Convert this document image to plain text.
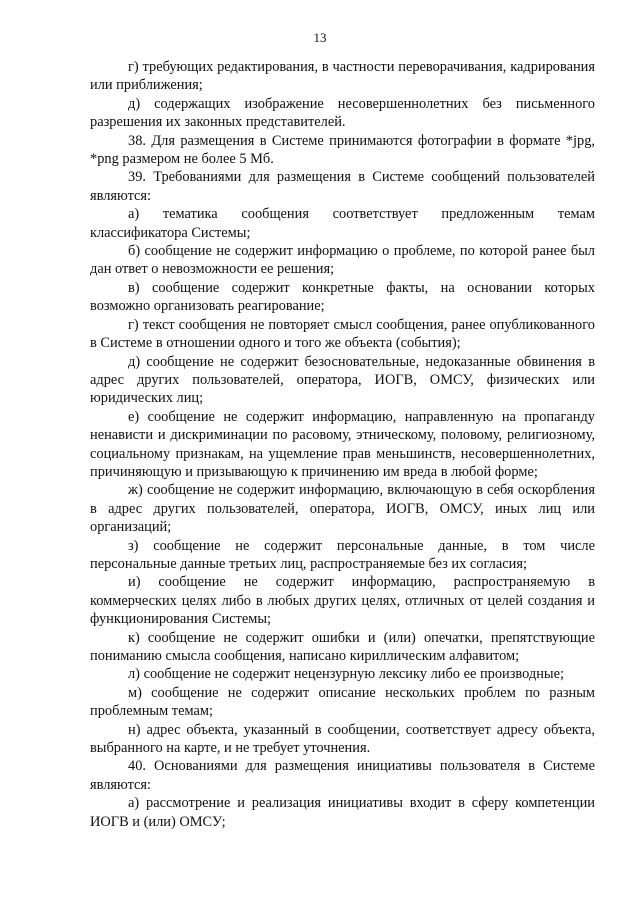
13

г) требующих редактирования, в частности переворачивания, кадрирования или приближения;

д) содержащих изображение несовершеннолетних без письменного разрешения их законных представителей.

38. Для размещения в Системе принимаются фотографии в формате *jpg, *png размером не более 5 Мб.

39. Требованиями для размещения в Системе сообщений пользователей являются:

а) тематика сообщения соответствует предложенным темам классификатора Системы;

б) сообщение не содержит информацию о проблеме, по которой ранее был дан ответ о невозможности ее решения;

в) сообщение содержит конкретные факты, на основании которых возможно организовать реагирование;

г) текст сообщения не повторяет смысл сообщения, ранее опубликованного в Системе в отношении одного и того же объекта (события);

д) сообщение не содержит безосновательные, недоказанные обвинения в адрес других пользователей, оператора, ИОГВ, ОМСУ, физических или юридических лиц;

е) сообщение не содержит информацию, направленную на пропаганду ненависти и дискриминации по расовому, этническому, половому, религиозному, социальному признакам, на ущемление прав меньшинств, несовершеннолетних, причиняющую и призывающую к причинению им вреда в любой форме;

ж) сообщение не содержит информацию, включающую в себя оскорбления в адрес других пользователей, оператора, ИОГВ, ОМСУ, иных лиц или организаций;

з) сообщение не содержит персональные данные, в том числе персональные данные третьих лиц, распространяемые без их согласия;

и) сообщение не содержит информацию, распространяемую в коммерческих целях либо в любых других целях, отличных от целей создания и функционирования Системы;

к) сообщение не содержит ошибки и (или) опечатки, препятствующие пониманию смысла сообщения, написано кириллическим алфавитом;

л) сообщение не содержит нецензурную лексику либо ее производные;

м) сообщение не содержит описание нескольких проблем по разным проблемным темам;

н) адрес объекта, указанный в сообщении, соответствует адресу объекта, выбранного на карте, и не требует уточнения.

40. Основаниями для размещения инициативы пользователя в Системе являются:

а) рассмотрение и реализация инициативы входит в сферу компетенции ИОГВ и (или) ОМСУ;
